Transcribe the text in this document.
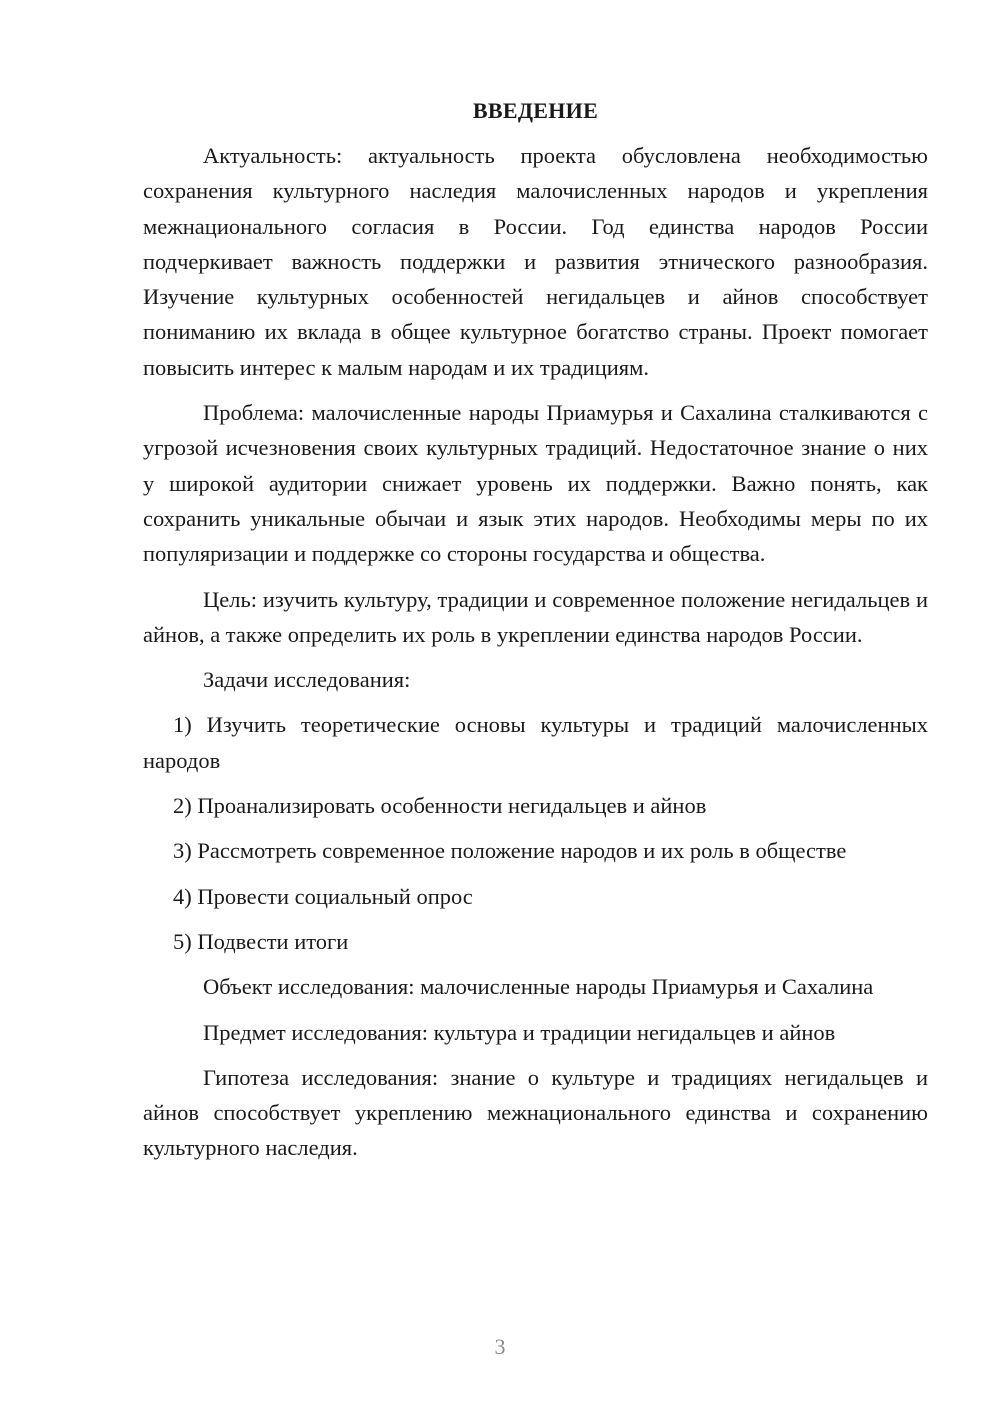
ВВЕДЕНИЕ

Актуальность: актуальность проекта обусловлена необходимостью сохранения культурного наследия малочисленных народов и укрепления межнационального согласия в России. Год единства народов России подчеркивает важность поддержки и развития этнического разнообразия. Изучение культурных особенностей негидальцев и айнов способствует пониманию их вклада в общее культурное богатство страны. Проект помогает повысить интерес к малым народам и их традициям.

Проблема: малочисленные народы Приамурья и Сахалина сталкиваются с угрозой исчезновения своих культурных традиций. Недостаточное знание о них у широкой аудитории снижает уровень их поддержки. Важно понять, как сохранить уникальные обычаи и язык этих народов. Необходимы меры по их популяризации и поддержке со стороны государства и общества.

Цель: изучить культуру, традиции и современное положение негидальцев и айнов, а также определить их роль в укреплении единства народов России.

Задачи исследования:

1) Изучить теоретические основы культуры и традиций малочисленных народов

2) Проанализировать особенности негидальцев и айнов

3) Рассмотреть современное положение народов и их роль в обществе

4) Провести социальный опрос

5) Подвести итоги

Объект исследования: малочисленные народы Приамурья и Сахалина

Предмет исследования: культура и традиции негидальцев и айнов

Гипотеза исследования: знание о культуре и традициях негидальцев и айнов способствует укреплению межнационального единства и сохранению культурного наследия.

3
